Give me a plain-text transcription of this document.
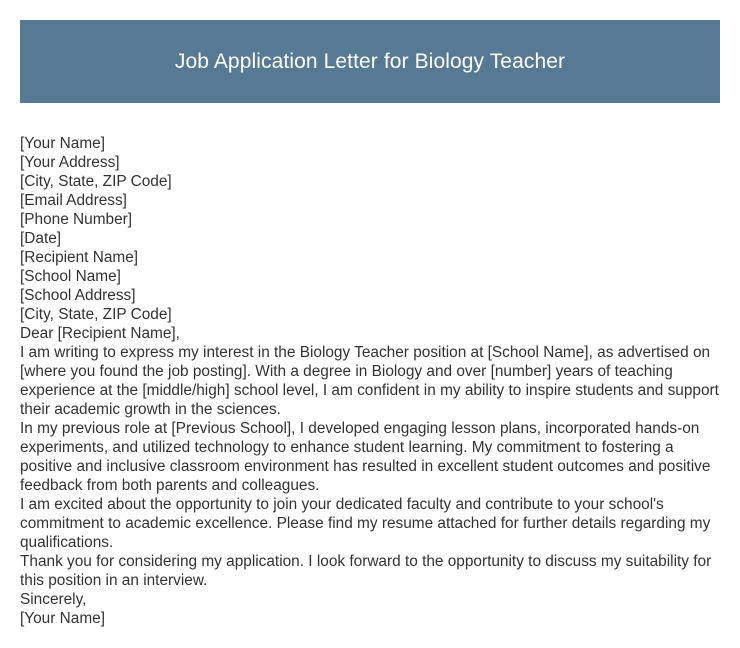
Job Application Letter for Biology Teacher

[Your Name]

[Your Address]

[City, State, ZIP Code]

[Email Address]

[Phone Number]

[Date]

[Recipient Name]

[School Name]

[School Address]

[City, State, ZIP Code]

Dear [Recipient Name],

I am writing to express my interest in the Biology Teacher position at [School Name], as advertised on [where you found the job posting]. With a degree in Biology and over [number] years of teaching experience at the [middle/high] school level, I am confident in my ability to inspire students and support their academic growth in the sciences.

In my previous role at [Previous School], I developed engaging lesson plans, incorporated hands-on experiments, and utilized technology to enhance student learning. My commitment to fostering a positive and inclusive classroom environment has resulted in excellent student outcomes and positive feedback from both parents and colleagues.

I am excited about the opportunity to join your dedicated faculty and contribute to your school's commitment to academic excellence. Please find my resume attached for further details regarding my qualifications.

Thank you for considering my application. I look forward to the opportunity to discuss my suitability for this position in an interview.

Sincerely,

[Your Name]
